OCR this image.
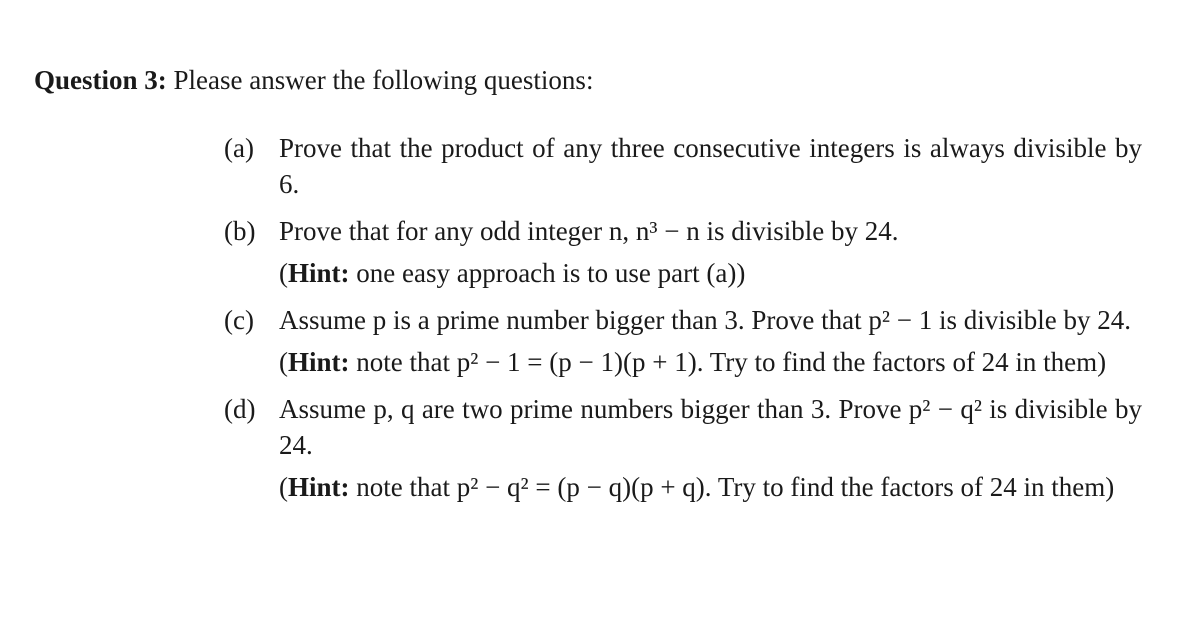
Question 3: Please answer the following questions:
(a) Prove that the product of any three consecutive integers is always divisible by 6.
(b) Prove that for any odd integer n, n³ − n is divisible by 24.
(Hint: one easy approach is to use part (a))
(c) Assume p is a prime number bigger than 3. Prove that p² − 1 is divisible by 24.
(Hint: note that p² − 1 = (p − 1)(p + 1). Try to find the factors of 24 in them)
(d) Assume p, q are two prime numbers bigger than 3. Prove p² − q² is divisible by 24.
(Hint: note that p² − q² = (p − q)(p + q). Try to find the factors of 24 in them)
